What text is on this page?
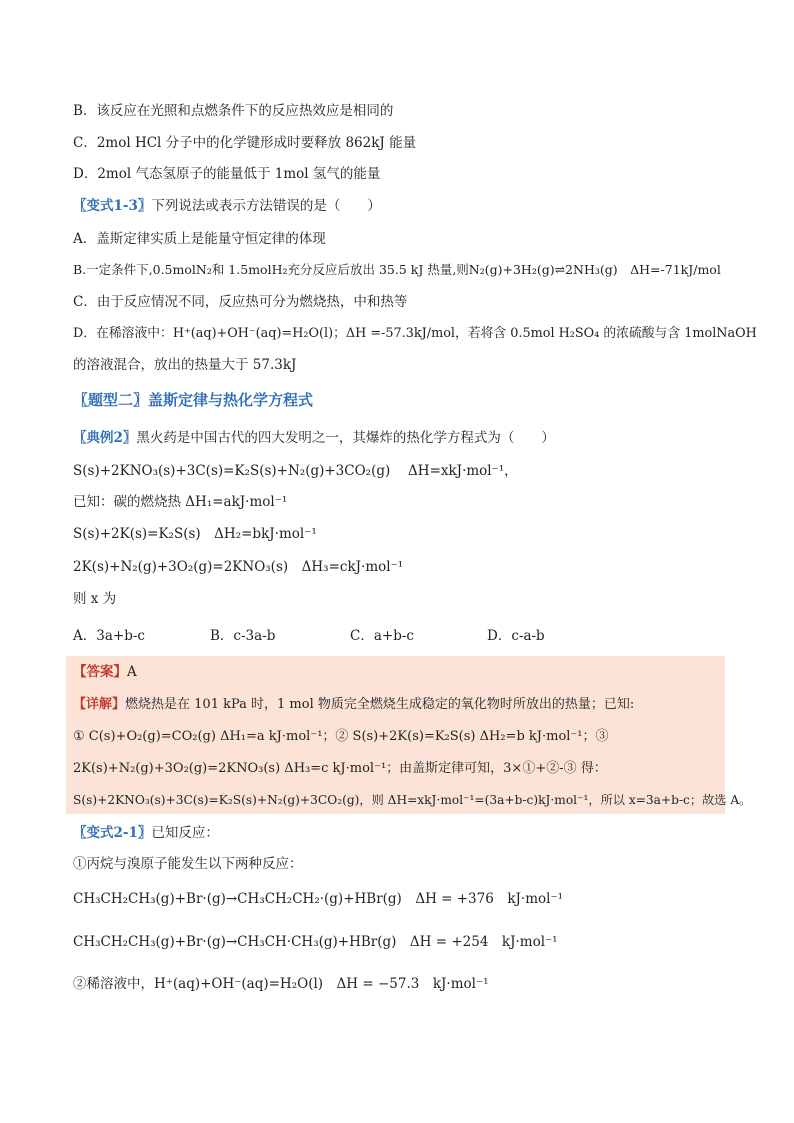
B．该反应在光照和点燃条件下的反应热效应是相同的
C．2mol HCl 分子中的化学键形成时要释放 862kJ 能量
D．2mol 气态氢原子的能量低于 1mol 氢气的能量
〖变式1-3〗下列说法或表示方法错误的是（　　）
A．盖斯定律实质上是能量守恒定律的体现
B.一定条件下,0.5molN₂和 1.5molH₂充分反应后放出 35.5 kJ 热量,则N₂(g)+3H₂(g)⇌2NH₃(g)　ΔH=-71kJ/mol
C．由于反应情况不同，反应热可分为燃烧热，中和热等
D．在稀溶液中：H⁺(aq)+OH⁻(aq)=H₂O(l)；ΔH =-57.3kJ/mol，若将含 0.5mol H₂SO₄ 的浓硫酸与含 1molNaOH
的溶液混合，放出的热量大于 57.3kJ
〖题型二〗盖斯定律与热化学方程式
〖典例2〗黑火药是中国古代的四大发明之一，其爆炸的热化学方程式为（　　）
S(s)+2KNO₃(s)+3C(s)=K₂S(s)+N₂(g)+3CO₂(g)　 ΔH=xkJ·mol⁻¹，
已知：碳的燃烧热 ΔH₁=akJ·mol⁻¹
S(s)+2K(s)=K₂S(s)　ΔH₂=bkJ·mol⁻¹
2K(s)+N₂(g)+3O₂(g)=2KNO₃(s)　ΔH₃=ckJ·mol⁻¹
则 x 为
A．3a+b-c	B．c-3a-b	C．a+b-c	D．c-a-b
【答案】A
【详解】燃烧热是在 101 kPa 时，1 mol 物质完全燃烧生成稳定的氧化物时所放出的热量；已知:
① C(s)+O₂(g)=CO₂(g) ΔH₁=a kJ·mol⁻¹；② S(s)+2K(s)=K₂S(s) ΔH₂=b kJ·mol⁻¹；③
2K(s)+N₂(g)+3O₂(g)=2KNO₃(s) ΔH₃=c kJ·mol⁻¹；由盖斯定律可知，3×①+②-③ 得：
S(s)+2KNO₃(s)+3C(s)=K₂S(s)+N₂(g)+3CO₂(g)，则 ΔH=xkJ·mol⁻¹=(3a+b-c)kJ·mol⁻¹，所以 x=3a+b-c；故选 A。
〖变式2-1〗已知反应：
①丙烷与溴原子能发生以下两种反应：
CH₃CH₂CH₃(g)+Br·(g)→CH₃CH₂CH₂·(g)+HBr(g)　ΔH = +376　kJ·mol⁻¹
CH₃CH₂CH₃(g)+Br·(g)→CH₃CH·CH₃(g)+HBr(g)　ΔH = +254　kJ·mol⁻¹
②稀溶液中，H⁺(aq)+OH⁻(aq)=H₂O(l)　ΔH = −57.3　kJ·mol⁻¹
